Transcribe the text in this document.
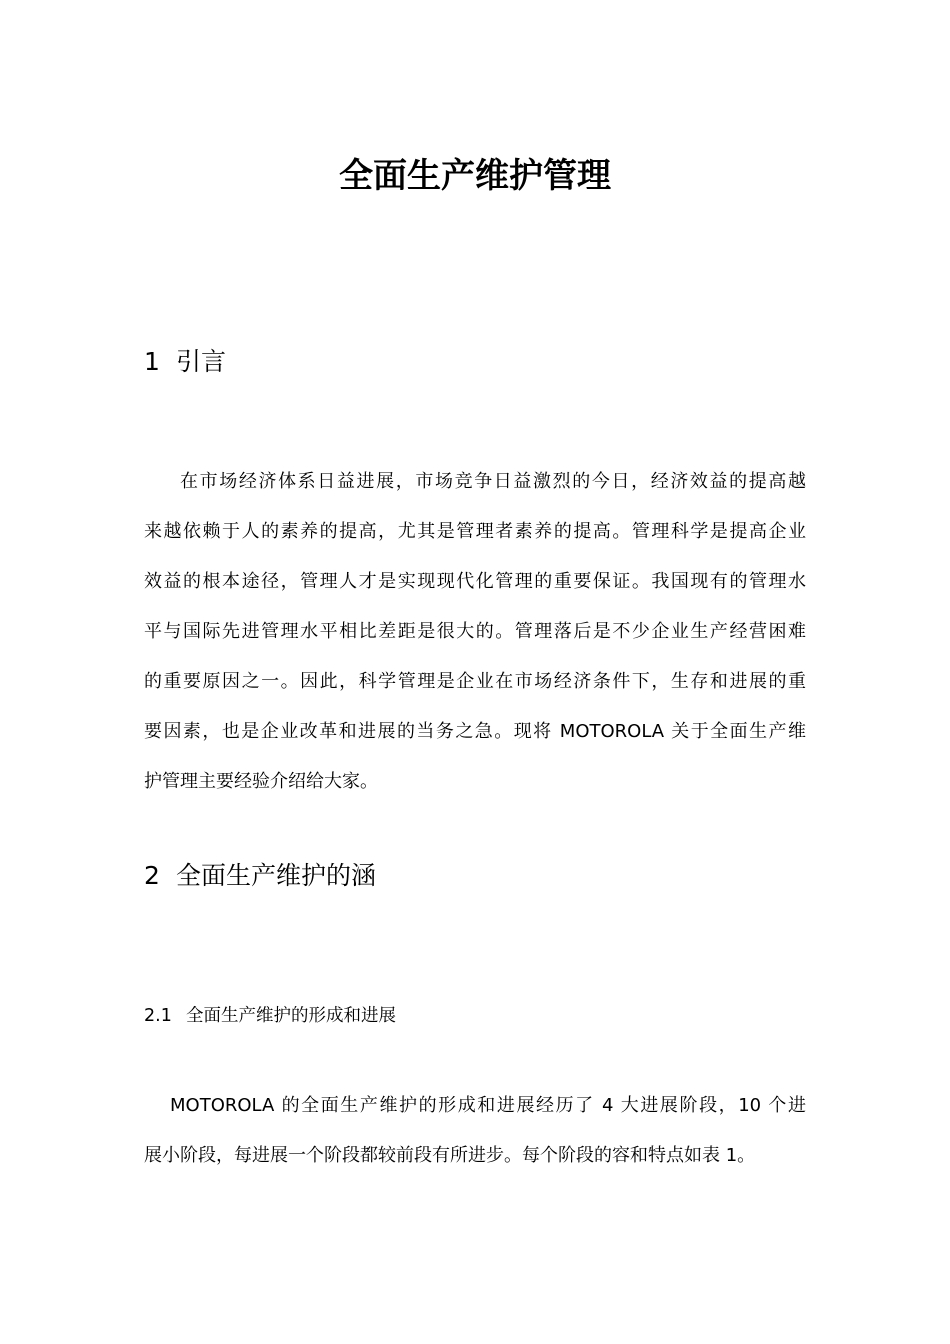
全面生产维护管理
1 引言
在市场经济体系日益进展，市场竞争日益激烈的今日，经济效益的提高越
来越依赖于人的素养的提高，尤其是管理者素养的提高。管理科学是提高企业
效益的根本途径，管理人才是实现现代化管理的重要保证。我国现有的管理水
平与国际先进管理水平相比差距是很大的。管理落后是不少企业生产经营困难
的重要原因之一。因此，科学管理是企业在市场经济条件下，生存和进展的重
要因素，也是企业改革和进展的当务之急。现将 MOTOROLA 关于全面生产维
护管理主要经验介绍给大家。
2 全面生产维护的涵
2.1 全面生产维护的形成和进展
MOTOROLA 的全面生产维护的形成和进展经历了 4 大进展阶段，10 个进
展小阶段，每进展一个阶段都较前段有所进步。每个阶段的容和特点如表 1。
